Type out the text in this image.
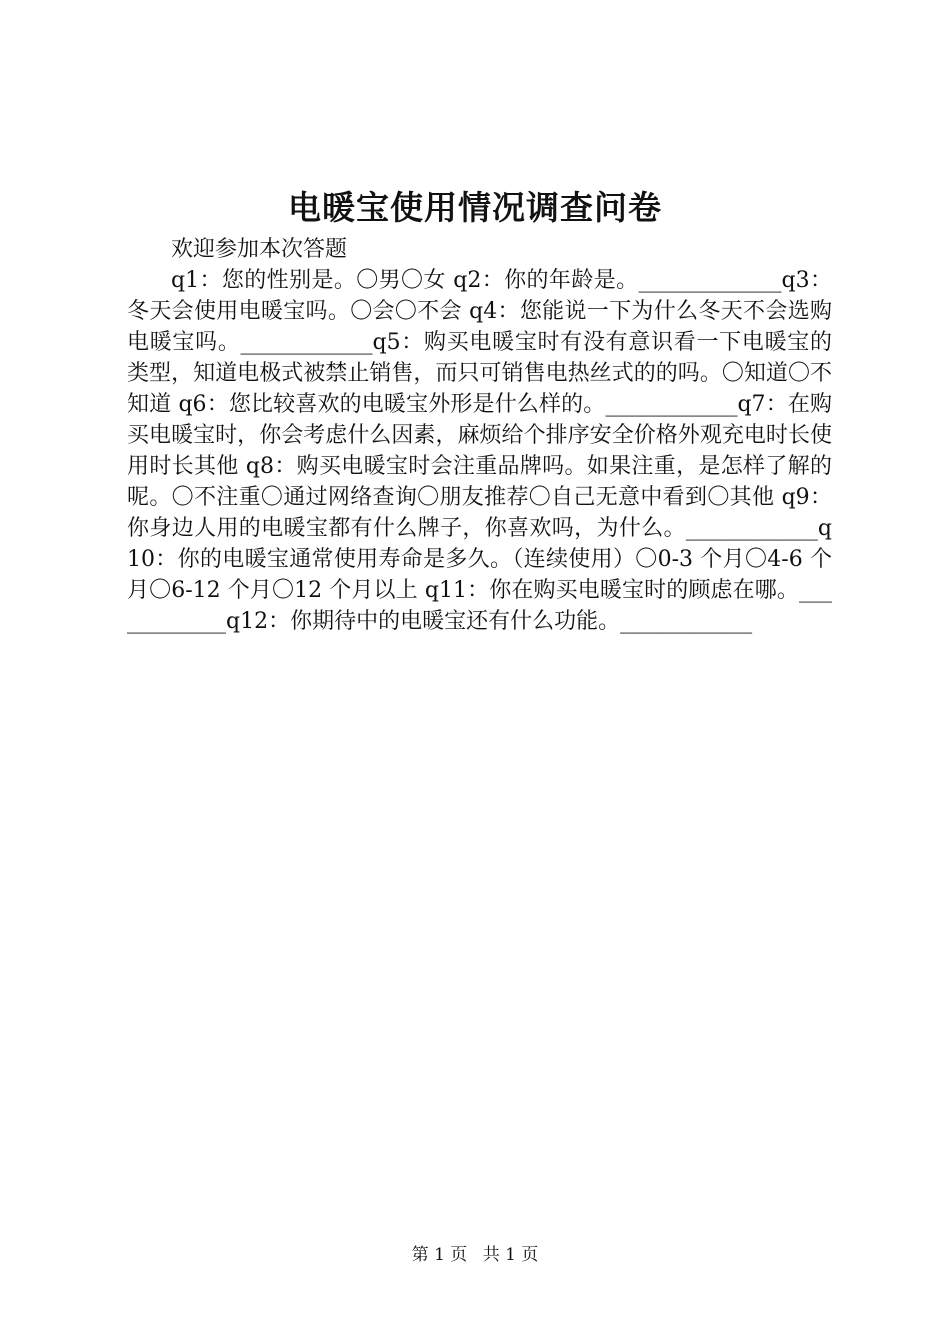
电暖宝使用情况调查问卷

欢迎参加本次答题

q1：您的性别是。〇男〇女 q2：你的年龄是。_____________q3：冬天会使用电暖宝吗。〇会〇不会 q4：您能说一下为什么冬天不会选购电暖宝吗。____________q5：购买电暖宝时有没有意识看一下电暖宝的类型，知道电极式被禁止销售，而只可销售电热丝式的的吗。〇知道〇不知道 q6：您比较喜欢的电暖宝外形是什么样的。____________q7：在购买电暖宝时，你会考虑什么因素，麻烦给个排序安全价格外观充电时长使用时长其他 q8：购买电暖宝时会注重品牌吗。如果注重，是怎样了解的呢。〇不注重〇通过网络查询〇朋友推荐〇自己无意中看到〇其他 q9：你身边人用的电暖宝都有什么牌子，你喜欢吗，为什么。____________q10：你的电暖宝通常使用寿命是多久。（连续使用）〇0-3 个月〇4-6 个月〇6-12 个月〇12 个月以上 q11：你在购买电暖宝时的顾虑在哪。____________q12：你期待中的电暖宝还有什么功能。____________

第 1 页 共 1 页
